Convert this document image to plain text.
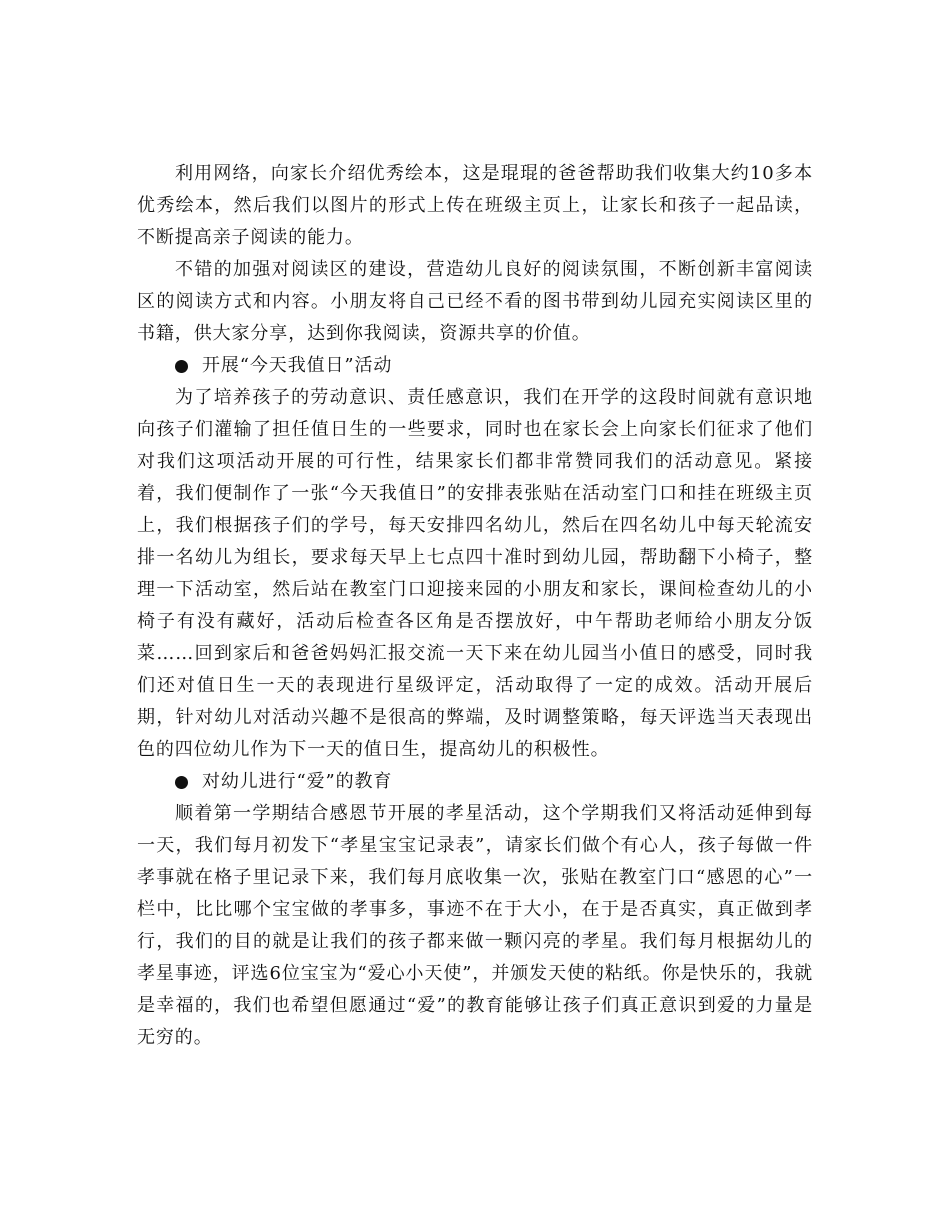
利用网络，向家长介绍优秀绘本，这是琨琨的爸爸帮助我们收集大约10多本优秀绘本，然后我们以图片的形式上传在班级主页上，让家长和孩子一起品读，不断提高亲子阅读的能力。

不错的加强对阅读区的建设，营造幼儿良好的阅读氛围，不断创新丰富阅读区的阅读方式和内容。小朋友将自己已经不看的图书带到幼儿园充实阅读区里的书籍，供大家分享，达到你我阅读，资源共享的价值。

开展“今天我值日”活动

为了培养孩子的劳动意识、责任感意识，我们在开学的这段时间就有意识地向孩子们灌输了担任值日生的一些要求，同时也在家长会上向家长们征求了他们对我们这项活动开展的可行性，结果家长们都非常赞同我们的活动意见。紧接着，我们便制作了一张“今天我值日”的安排表张贴在活动室门口和挂在班级主页上，我们根据孩子们的学号，每天安排四名幼儿，然后在四名幼儿中每天轮流安排一名幼儿为组长，要求每天早上七点四十准时到幼儿园，帮助翻下小椅子，整理一下活动室，然后站在教室门口迎接来园的小朋友和家长，课间检查幼儿的小椅子有没有藏好，活动后检查各区角是否摆放好，中午帮助老师给小朋友分饭菜……回到家后和爸爸妈妈汇报交流一天下来在幼儿园当小值日的感受，同时我们还对值日生一天的表现进行星级评定，活动取得了一定的成效。活动开展后期，针对幼儿对活动兴趣不是很高的弊端，及时调整策略，每天评选当天表现出色的四位幼儿作为下一天的值日生，提高幼儿的积极性。

对幼儿进行“爱”的教育

顺着第一学期结合感恩节开展的孝星活动，这个学期我们又将活动延伸到每一天，我们每月初发下“孝星宝宝记录表”，请家长们做个有心人，孩子每做一件孝事就在格子里记录下来，我们每月底收集一次，张贴在教室门口“感恩的心”一栏中，比比哪个宝宝做的孝事多，事迹不在于大小，在于是否真实，真正做到孝行，我们的目的就是让我们的孩子都来做一颗闪亮的孝星。我们每月根据幼儿的孝星事迹，评选6位宝宝为“爱心小天使”，并颁发天使的粘纸。你是快乐的，我就是幸福的，我们也希望但愿通过“爱”的教育能够让孩子们真正意识到爱的力量是无穷的。
